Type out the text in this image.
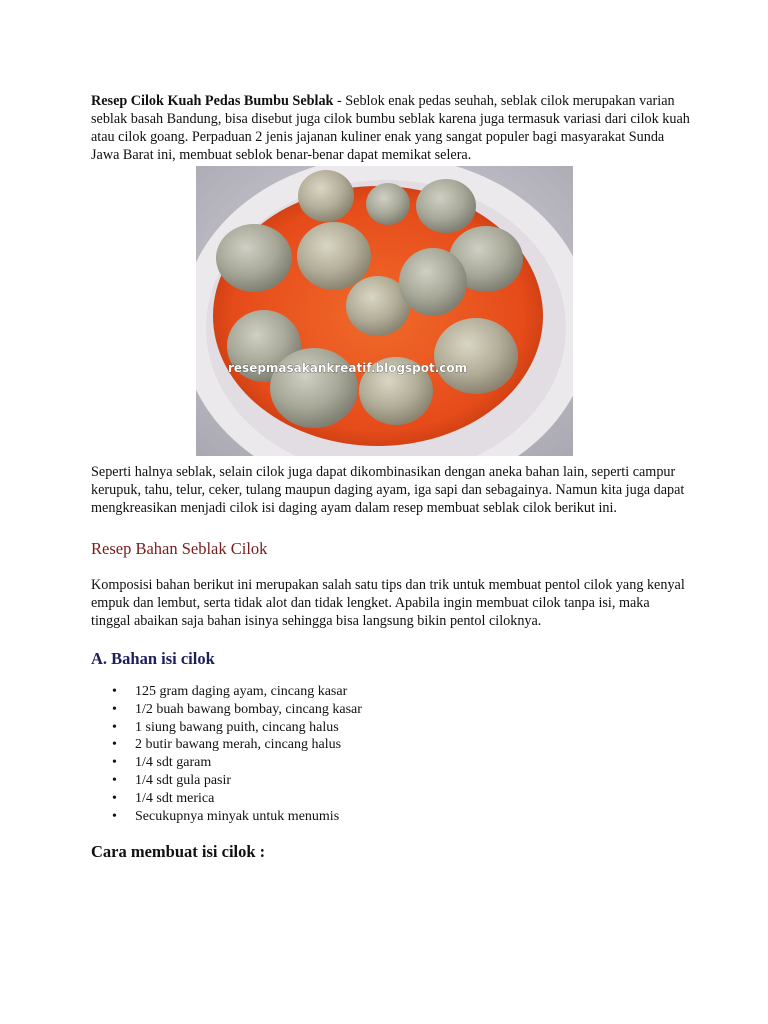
Resep Cilok Kuah Pedas Bumbu Seblak - Seblok enak pedas seuhah, seblak cilok merupakan varian seblak basah Bandung, bisa disebut juga cilok bumbu seblak karena juga termasuk variasi dari cilok kuah atau cilok goang. Perpaduan 2 jenis jajanan kuliner enak yang sangat populer bagi masyarakat Sunda Jawa Barat ini, membuat seblok benar-benar dapat memikat selera.

resepmasakankreatif.blogspot.com

Seperti halnya seblak, selain cilok juga dapat dikombinasikan dengan aneka bahan lain, seperti campur kerupuk, tahu, telur, ceker, tulang maupun daging ayam, iga sapi dan sebagainya. Namun kita juga dapat mengkreasikan menjadi cilok isi daging ayam dalam resep membuat seblak cilok berikut ini.

Resep Bahan Seblak Cilok

Komposisi bahan berikut ini merupakan salah satu tips dan trik untuk membuat pentol cilok yang kenyal empuk dan lembut, serta tidak alot dan tidak lengket. Apabila ingin membuat cilok tanpa isi, maka tinggal abaikan saja bahan isinya sehingga bisa langsung bikin pentol ciloknya.

A. Bahan isi cilok
• 125 gram daging ayam, cincang kasar
• 1/2 buah bawang bombay, cincang kasar
• 1 siung bawang puith, cincang halus
• 2 butir bawang merah, cincang halus
• 1/4 sdt garam
• 1/4 sdt gula pasir
• 1/4 sdt merica
• Secukupnya minyak untuk menumis
Cara membuat isi cilok :
